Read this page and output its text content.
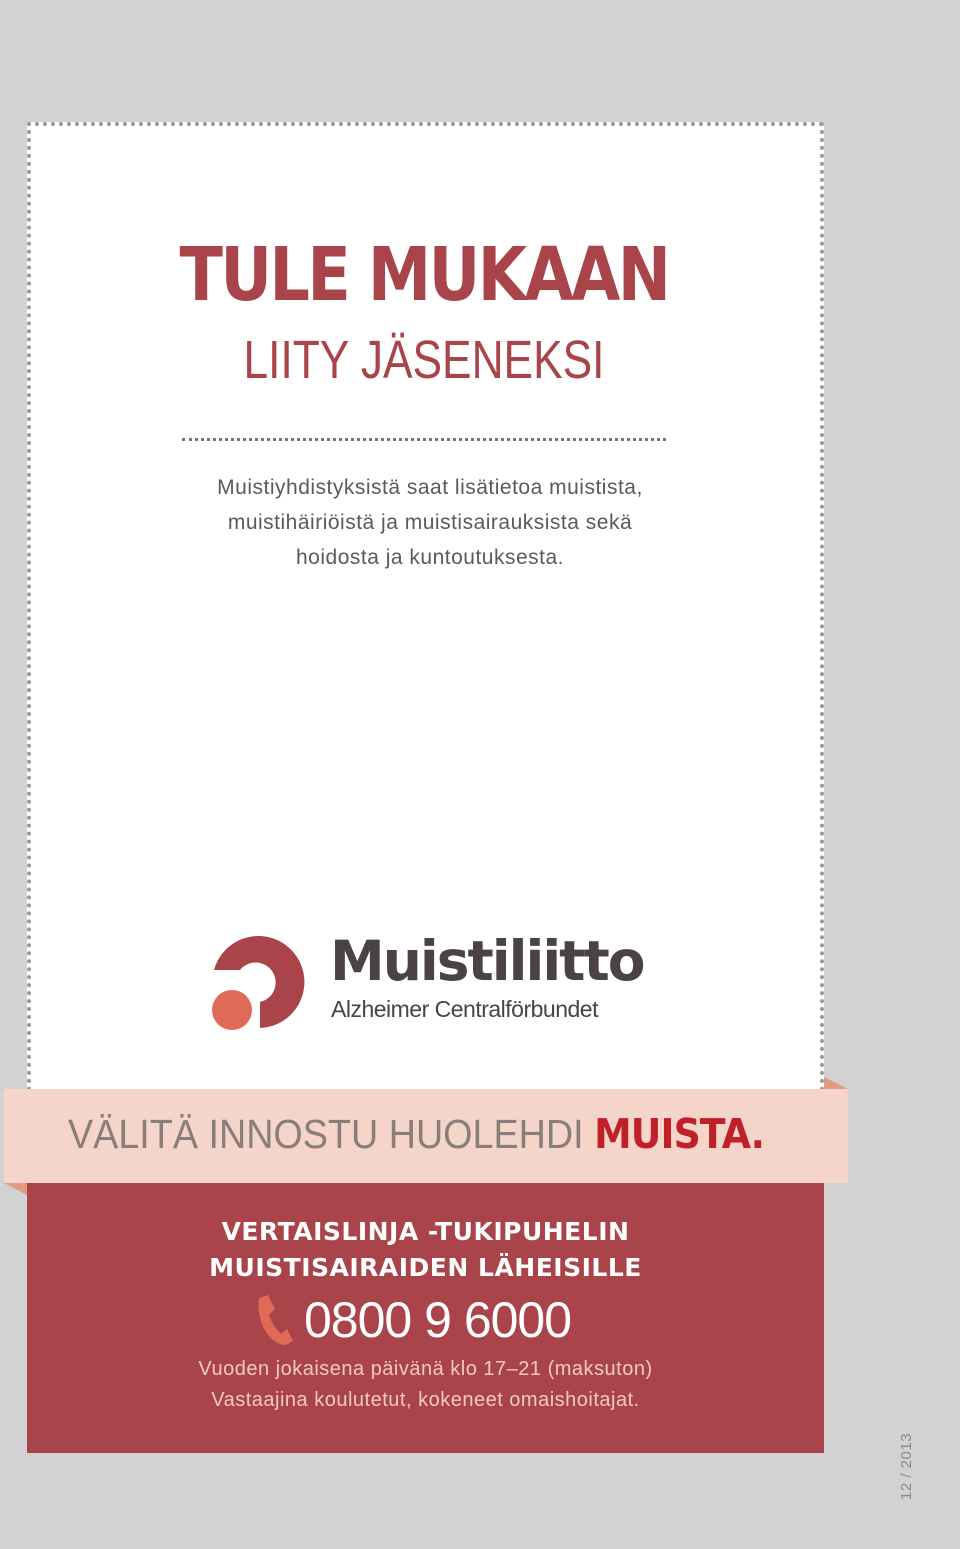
TULE MUKAAN
LIITY JÄSENEKSI

Muistiyhdistyksistä saat lisätietoa muistista,
muistihäiriöistä ja muistisairauksista sekä
hoidosta ja kuntoutuksesta.

Muistiliitto
Alzheimer Centralförbundet

VÄLITÄ INNOSTU HUOLEHDI MUISTA.

VERTAISLINJA -TUKIPUHELIN
MUISTISAIRAIDEN LÄHEISILLE
0800 9 6000

Vuoden jokaisena päivänä klo 17–21 (maksuton)
Vastaajina koulutetut, kokeneet omaishoitajat.

12 / 2013
